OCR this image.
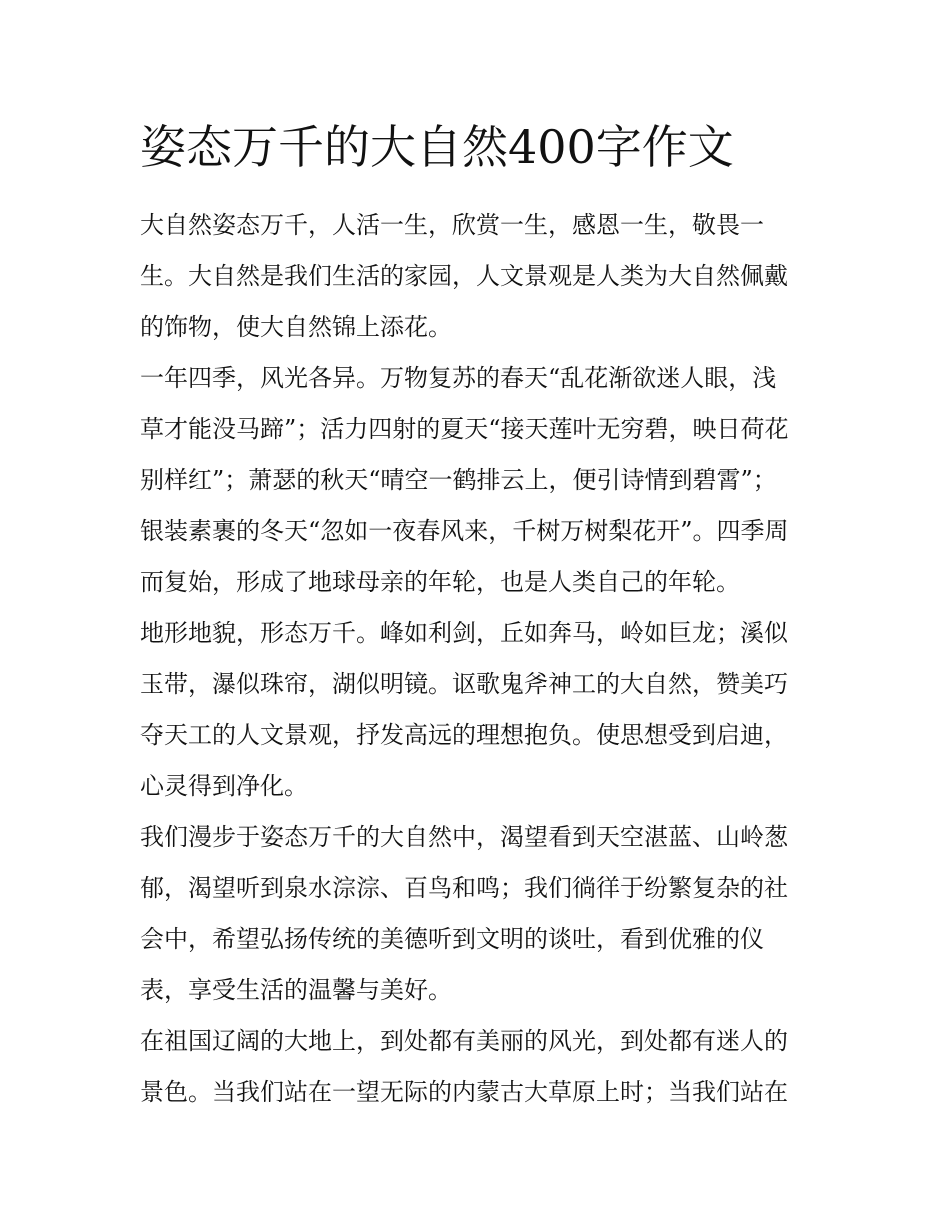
姿态万千的大自然400字作文

大自然姿态万千，人活一生，欣赏一生，感恩一生，敬畏一
生。大自然是我们生活的家园，人文景观是人类为大自然佩戴
的饰物，使大自然锦上添花。

一年四季，风光各异。万物复苏的春天“乱花渐欲迷人眼，浅
草才能没马蹄”；活力四射的夏天“接天莲叶无穷碧，映日荷花
别样红”；萧瑟的秋天“晴空一鹤排云上，便引诗情到碧霄”；
银装素裹的冬天“忽如一夜春风来，千树万树梨花开”。四季周
而复始，形成了地球母亲的年轮，也是人类自己的年轮。

地形地貌，形态万千。峰如利剑，丘如奔马，岭如巨龙；溪似
玉带，瀑似珠帘，湖似明镜。讴歌鬼斧神工的大自然，赞美巧
夺天工的人文景观，抒发高远的理想抱负。使思想受到启迪，
心灵得到净化。

我们漫步于姿态万千的大自然中，渴望看到天空湛蓝、山岭葱
郁，渴望听到泉水淙淙、百鸟和鸣；我们徜徉于纷繁复杂的社
会中，希望弘扬传统的美德听到文明的谈吐，看到优雅的仪
表，享受生活的温馨与美好。

在祖国辽阔的大地上，到处都有美丽的风光，到处都有迷人的
景色。当我们站在一望无际的内蒙古大草原上时；当我们站在
